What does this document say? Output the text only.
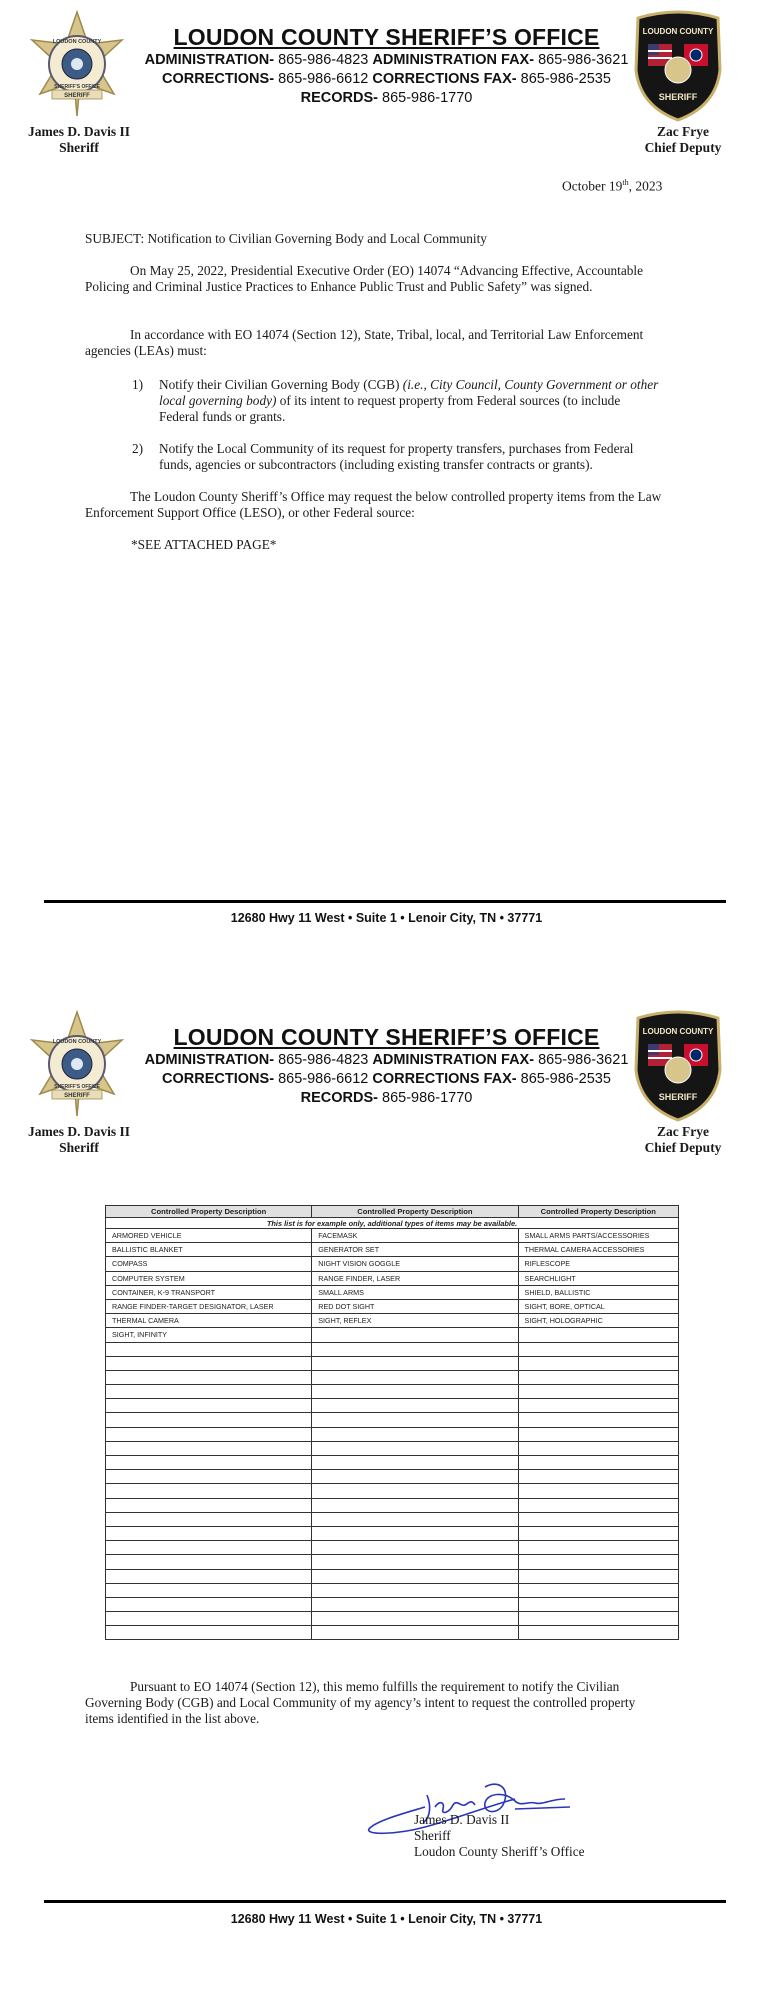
SHERIFF
LOUDON COUNTY
SHERIFF'S OFFICE
LOUDON COUNTY SHERIFF’S OFFICE
ADMINISTRATION- 865-986-4823 ADMINISTRATION FAX- 865-986-3621
CORRECTIONS- 865-986-6612 CORRECTIONS FAX- 865-986-2535
RECORDS- 865-986-1770
LOUDON COUNTY
SHERIFF
James D. Davis II
Sheriff
Zac Frye
Chief Deputy
October 19th, 2023
SUBJECT: Notification to Civilian Governing Body and Local Community
On May 25, 2022, Presidential Executive Order (EO) 14074 “Advancing Effective, Accountable Policing and Criminal Justice Practices to Enhance Public Trust and Public Safety” was signed.
In accordance with EO 14074 (Section 12), State, Tribal, local, and Territorial Law Enforcement agencies (LEAs) must:
1) Notify their Civilian Governing Body (CGB) (i.e., City Council, County Government or other local governing body) of its intent to request property from Federal sources (to include Federal funds or grants.
2) Notify the Local Community of its request for property transfers, purchases from Federal funds, agencies or subcontractors (including existing transfer contracts or grants).
The Loudon County Sheriff’s Office may request the below controlled property items from the Law Enforcement Support Office (LESO), or other Federal source:
*SEE ATTACHED PAGE*
12680 Hwy 11 West • Suite 1 • Lenoir City, TN • 37771
SHERIFF
LOUDON COUNTY
SHERIFF'S OFFICE
LOUDON COUNTY SHERIFF’S OFFICE
ADMINISTRATION- 865-986-4823 ADMINISTRATION FAX- 865-986-3621
CORRECTIONS- 865-986-6612 CORRECTIONS FAX- 865-986-2535
RECORDS- 865-986-1770
LOUDON COUNTY
SHERIFF
James D. Davis II
Sheriff
Zac Frye
Chief Deputy
Controlled Property Description	Controlled Property Description	Controlled Property Description
This list is for example only, additional types of items may be available.		
ARMORED VEHICLE	FACEMASK	SMALL ARMS PARTS/ACCESSORIES
BALLISTIC BLANKET	GENERATOR SET	THERMAL CAMERA ACCESSORIES
COMPASS	NIGHT VISION GOGGLE	RIFLESCOPE
COMPUTER SYSTEM	RANGE FINDER, LASER	SEARCHLIGHT
CONTAINER, K-9 TRANSPORT	SMALL ARMS	SHIELD, BALLISTIC
RANGE FINDER-TARGET DESIGNATOR, LASER	RED DOT SIGHT	SIGHT, BORE, OPTICAL
THERMAL CAMERA	SIGHT, REFLEX	SIGHT, HOLOGRAPHIC
SIGHT, INFINITY		

Pursuant to EO 14074 (Section 12), this memo fulfills the requirement to notify the Civilian Governing Body (CGB) and Local Community of my agency’s intent to request the controlled property items identified in the list above.
James D. Davis II
Sheriff
Loudon County Sheriff’s Office
12680 Hwy 11 West • Suite 1 • Lenoir City, TN • 37771
